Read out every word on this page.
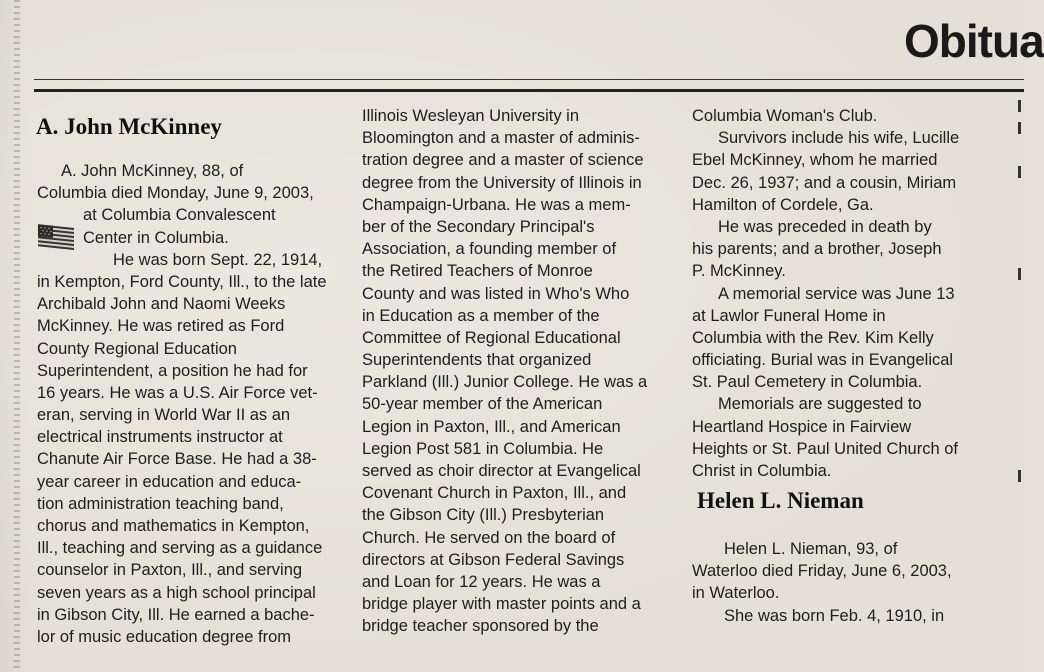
Obitua
A. John McKinney
A. John McKinney, 88, of
Columbia died Monday, June 9, 2003,
at Columbia Convalescent
Center in Columbia.
He was born Sept. 22, 1914,
in Kempton, Ford County, Ill., to the late
Archibald John and Naomi Weeks
McKinney. He was retired as Ford
County Regional Education
Superintendent, a position he had for
16 years. He was a U.S. Air Force vet-
eran, serving in World War II as an
electrical instruments instructor at
Chanute Air Force Base. He had a 38-
year career in education and educa-
tion administration teaching band,
chorus and mathematics in Kempton,
Ill., teaching and serving as a guidance
counselor in Paxton, Ill., and serving
seven years as a high school principal
in Gibson City, Ill. He earned a bache-
lor of music education degree from
Illinois Wesleyan University in
Bloomington and a master of adminis-
tration degree and a master of science
degree from the University of Illinois in
Champaign-Urbana. He was a mem-
ber of the Secondary Principal's
Association, a founding member of
the Retired Teachers of Monroe
County and was listed in Who's Who
in Education as a member of the
Committee of Regional Educational
Superintendents that organized
Parkland (Ill.) Junior College. He was a
50-year member of the American
Legion in Paxton, Ill., and American
Legion Post 581 in Columbia. He
served as choir director at Evangelical
Covenant Church in Paxton, Ill., and
the Gibson City (Ill.) Presbyterian
Church. He served on the board of
directors at Gibson Federal Savings
and Loan for 12 years. He was a
bridge player with master points and a
bridge teacher sponsored by the
Columbia Woman's Club.
Survivors include his wife, Lucille
Ebel McKinney, whom he married
Dec. 26, 1937; and a cousin, Miriam
Hamilton of Cordele, Ga.
He was preceded in death by
his parents; and a brother, Joseph
P. McKinney.
A memorial service was June 13
at Lawlor Funeral Home in
Columbia with the Rev. Kim Kelly
officiating. Burial was in Evangelical
St. Paul Cemetery in Columbia.
Memorials are suggested to
Heartland Hospice in Fairview
Heights or St. Paul United Church of
Christ in Columbia.
Helen L. Nieman
Helen L. Nieman, 93, of
Waterloo died Friday, June 6, 2003,
in Waterloo.
She was born Feb. 4, 1910, in
